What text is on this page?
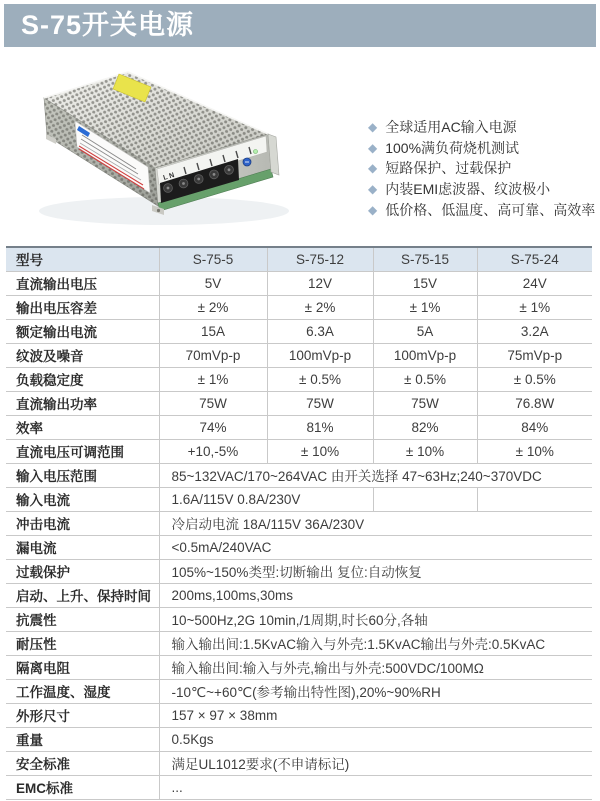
S-75开关电源
L N
◆ 全球适用AC输入电源
◆ 100%满负荷烧机测试
◆ 短路保护、过载保护
◆ 内装EMI虑波器、纹波极小
◆ 低价格、低温度、高可靠、高效率
型号	S-75-5	S-75-12	S-75-15	S-75-24
直流输出电压	5V	12V	15V	24V
输出电压容差	± 2%	± 2%	± 1%	± 1%
额定输出电流	15A	6.3A	5A	3.2A
纹波及噪音	70mVp-p	100mVp-p	100mVp-p	75mVp-p
负载稳定度	± 1%	± 0.5%	± 0.5%	± 0.5%
直流输出功率	75W	75W	75W	76.8W
效率	74%	81%	82%	84%
直流电压可调范围	+10,-5%	± 10%	± 10%	± 10%
输入电压范围	85~132VAC/170~264VAC 由开关选择 47~63Hz;240~370VDC			
输入电流	1.6A/115V 0.8A/230V			
冲击电流	冷启动电流 18A/115V 36A/230V			
漏电流	<0.5mA/240VAC			
过载保护	105%~150%类型:切断输出 复位:自动恢复			
启动、上升、保持时间	200ms,100ms,30ms			
抗震性	10~500Hz,2G 10min,/1周期,时长60分,各轴			
耐压性	输入输出间:1.5KvAC输入与外壳:1.5KvAC输出与外壳:0.5KvAC			
隔离电阻	输入输出间:输入与外壳,输出与外壳:500VDC/100MΩ			
工作温度、湿度	-10℃~+60℃(参考输出特性图),20%~90%RH			
外形尺寸	157 × 97 × 38mm			
重量	0.5Kgs			
安全标准	满足UL1012要求(不申请标记)			
EMC标准	...			
